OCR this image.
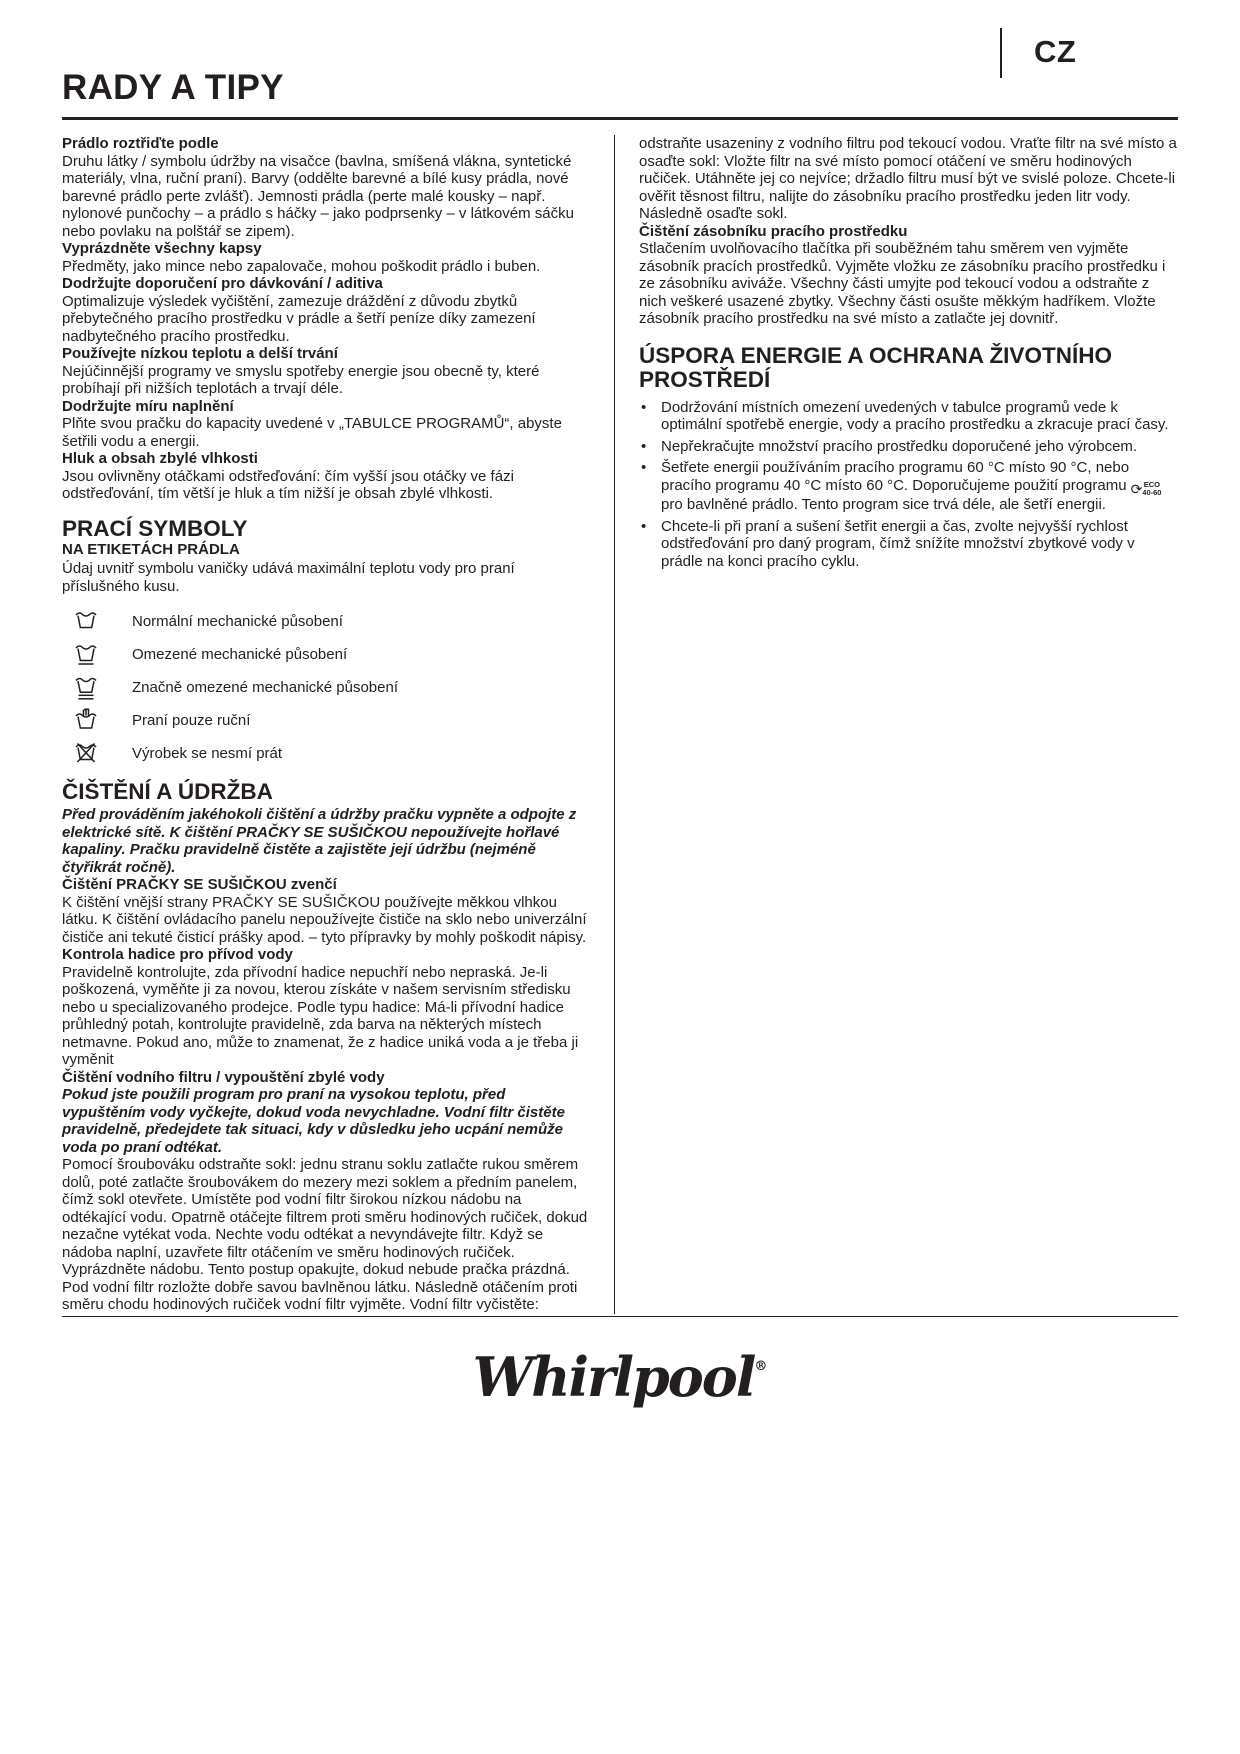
CZ
RADY A TIPY
Prádlo roztřiďte podle

Druhu látky / symbolu údržby na visačce (bavlna, smíšená vlákna, syntetické materiály, vlna, ruční praní). Barvy (oddělte barevné a bílé kusy prádla, nové barevné prádlo perte zvlášť). Jemnosti prádla (perte malé kousky – např. nylonové punčochy – a prádlo s háčky – jako podprsenky – v látkovém sáčku nebo povlaku na polštář se zipem).

Vyprázdněte všechny kapsy

Předměty, jako mince nebo zapalovače, mohou poškodit prádlo i buben.

Dodržujte doporučení pro dávkování / aditiva

Optimalizuje výsledek vyčištění, zamezuje dráždění z důvodu zbytků přebytečného pracího prostředku v prádle a šetří peníze díky zamezení nadbytečného pracího prostředku.

Používejte nízkou teplotu a delší trvání

Nejúčinnější programy ve smyslu spotřeby energie jsou obecně ty, které probíhají při nižších teplotách a trvají déle.

Dodržujte míru naplnění

Plňte svou pračku do kapacity uvedené v „TABULCE PROGRAMŮ“, abyste šetřili vodu a energii.

Hluk a obsah zbylé vlhkosti

Jsou ovlivněny otáčkami odstřeďování: čím vyšší jsou otáčky ve fázi odstřeďování, tím větší je hluk a tím nižší je obsah zbylé vlhkosti.

PRACÍ SYMBOLY
NA ETIKETÁCH PRÁDLA

Údaj uvnitř symbolu vaničky udává maximální teplotu vody pro praní příslušného kusu.

Normální mechanické působení
Omezené mechanické působení
Značně omezené mechanické působení
Praní pouze ruční
Výrobek se nesmí prát
ČIŠTĚNÍ A ÚDRŽBA

Před prováděním jakéhokoli čištění a údržby pračku vypněte a odpojte z elektrické sítě. K čištění PRAČKY SE SUŠIČKOU nepoužívejte hořlavé kapaliny. Pračku pravidelně čistěte a zajistěte její údržbu (nejméně čtyřikrát ročně).

Čištění PRAČKY SE SUŠIČKOU zvenčí

K čištění vnější strany PRAČKY SE SUŠIČKOU používejte měkkou vlhkou látku. K čištění ovládacího panelu nepoužívejte čističe na sklo nebo univerzální čističe ani tekuté čisticí prášky apod. – tyto přípravky by mohly poškodit nápisy.

Kontrola hadice pro přívod vody

Pravidelně kontrolujte, zda přívodní hadice nepuchří nebo nepraská. Je-li poškozená, vyměňte ji za novou, kterou získáte v našem servisním středisku nebo u specializovaného prodejce. Podle typu hadice: Má-li přívodní hadice průhledný potah, kontrolujte pravidelně, zda barva na některých místech netmavne. Pokud ano, může to znamenat, že z hadice uniká voda a je třeba ji vyměnit

Čištění vodního filtru / vypouštění zbylé vody

Pokud jste použili program pro praní na vysokou teplotu, před vypuštěním vody vyčkejte, dokud voda nevychladne. Vodní filtr čistěte pravidelně, předejdete tak situaci, kdy v důsledku jeho ucpání nemůže voda po praní odtékat.

Pomocí šroubováku odstraňte sokl: jednu stranu soklu zatlačte rukou směrem dolů, poté zatlačte šroubovákem do mezery mezi soklem a předním panelem, čímž sokl otevřete. Umístěte pod vodní filtr širokou nízkou nádobu na odtékající vodu. Opatrně otáčejte filtrem proti směru hodinových ručiček, dokud nezačne vytékat voda. Nechte vodu odtékat a nevyndávejte filtr. Když se nádoba naplní, uzavřete filtr otáčením ve směru hodinových ručiček. Vyprázdněte nádobu. Tento postup opakujte, dokud nebude pračka prázdná. Pod vodní filtr rozložte dobře savou bavlněnou látku. Následně otáčením proti směru chodu hodinových ručiček vodní filtr vyjměte. Vodní filtr vyčistěte:

odstraňte usazeniny z vodního filtru pod tekoucí vodou. Vraťte filtr na své místo a osaďte sokl: Vložte filtr na své místo pomocí otáčení ve směru hodinových ručiček. Utáhněte jej co nejvíce; držadlo filtru musí být ve svislé poloze. Chcete-li ověřit těsnost filtru, nalijte do zásobníku pracího prostředku jeden litr vody. Následně osaďte sokl.

Čištění zásobníku pracího prostředku

Stlačením uvolňovacího tlačítka při souběžném tahu směrem ven vyjměte zásobník pracích prostředků. Vyjměte vložku ze zásobníku pracího prostředku i ze zásobníku aviváže. Všechny části umyjte pod tekoucí vodou a odstraňte z nich veškeré usazené zbytky. Všechny části osušte měkkým hadříkem. Vložte zásobník pracího prostředku na své místo a zatlačte jej dovnitř.

ÚSPORA ENERGIE A OCHRANA ŽIVOTNÍHO PROSTŘEDÍ
•
Dodržování místních omezení uvedených v tabulce programů vede k optimální spotřebě energie, vody a pracího prostředku a zkracuje prací časy.
•
Nepřekračujte množství pracího prostředku doporučené jeho výrobcem.
•
Šetřete energii používáním pracího programu 60 °C místo 90 °C, nebo pracího programu 40 °C místo 60 °C. Doporučujeme použití programu ⟳ ECO
40-60
pro bavlněné prádlo. Tento program sice trvá déle, ale šetří energii.
•
Chcete-li při praní a sušení šetřit energii a čas, zvolte nejvyšší rychlost odstřeďování pro daný program, čímž snížíte množství zbytkové vody v prádle na konci pracího cyklu.
Whirlpool®
